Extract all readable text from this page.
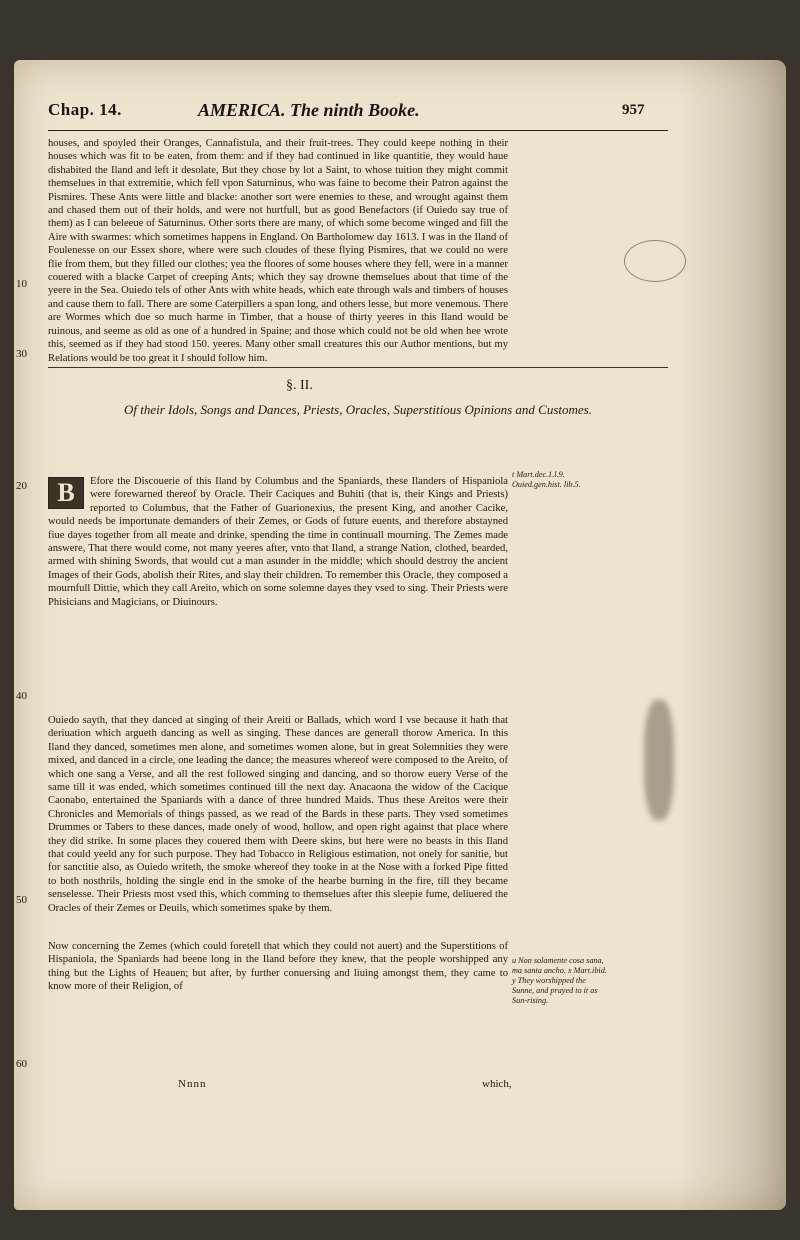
Chap. 14.	AMERICA. The ninth Booke.	957

houses, and spoyled their Oranges, Cannafistula, and their fruit-trees. They could keepe nothing in their houses which was fit to be eaten, from them: and if they had continued in like quantitie, they would haue dishabited the Iland and left it desolate, But they chose by lot a Saint, to whose tuition they might commit themselues in that extremitie, which fell vpon Saturninus, who was faine to become their Patron against the Pismires. These Ants were little and blacke: another sort were enemies to these, and wrought against them and chased them out of their holds, and were not hurtfull, but as good Benefactors (if Ouiedo say true of them) as I can beleeue of Saturninus. Other sorts there are many, of which some become winged and fill the Aire with swarmes: which sometimes happens in England. On Bartholomew day 1613. I was in the Iland of Foulenesse on our Essex shore, where were such cloudes of these flying Pismires, that we could no were flie from them, but they filled our clothes; yea the floores of some houses where they fell, were in a manner couered with a blacke Carpet of creeping Ants; which they say drowne themselues about that time of the yeere in the Sea. Ouiedo tels of other Ants with white heads, which eate through wals and timbers of houses and cause them to fall. There are some Caterpillers a span long, and others lesse, but more venemous. There are Wormes which doe so much harme in Timber, that a house of thirty yeeres in this Iland would be ruinous, and seeme as old as one of a hundred in Spaine; and those which could not be old when hee wrote this, seemed as if they had stood 150. yeeres. Many other small creatures this our Author mentions, but my Relations would be too great it I should follow him.

§. II.
Of their Idols, Songs and Dances, Priests, Oracles, Superstitious Opinions and Customes.

B	Efore the Discouerie of this Iland by Columbus and the Spaniards, these Ilanders of Hispaniola were forewarned thereof by Oracle. Their Caciques and Buhiti (that is, their Kings and Priests) reported to Columbus, that the Father of Guarionexius, the present King, and another Cacike, would needs be importunate demanders of their Zemes, or Gods of future euents, and therefore abstayned fiue dayes together from all meate and drinke, spending the time in continuall mourning. The Zemes made answere, That there would come, not many yeeres after, vnto that Iland, a strange Nation, clothed, bearded, armed with shining Swords, that would cut a man asunder in the middle; which should destroy the ancient Images of their Gods, abolish their Rites, and slay their children. To remember this Oracle, they composed a mournfull Dittie, which they call Areito, which on some solemne dayes they vsed to sing. Their Priests were Phisicians and Magicians, or Diuinours.

Ouiedo sayth, that they danced at singing of their Areiti or Ballads, which word I vse because it hath that deriuation which argueth dancing as well as singing. These dances are generall thorow America. In this Iland they danced, sometimes men alone, and sometimes women alone, but in great Solemnities they were mixed, and danced in a circle, one leading the dance; the measures whereof were composed to the Areito, of which one sang a Verse, and all the rest followed singing and dancing, and so thorow euery Verse of the same till it was ended, which sometimes continued till the next day. Anacaona the widow of the Cacique Caonabo, entertained the Spaniards with a dance of three hundred Maids. Thus these Areitos were their Chronicles and Memorials of things passed, as we read of the Bards in these parts. They vsed sometimes Drummes or Tabers to these dances, made onely of wood, hollow, and open right against that place where they did strike. In some places they couered them with Deere skins, but here were no beasts in this Iland that could yeeld any for such purpose. They had Tobacco in Religious estimation, not onely for sanitie, but for sanctitie also, as Ouiedo writeth, the smoke whereof they tooke in at the Nose with a forked Pipe fitted to both nosthrils, holding the single end in the smoke of the hearbe burning in the fire, till they became senselesse. Their Priests most vsed this, which comming to themselues after this sleepie fume, deliuered the Oracles of their Zemes or Deuils, which sometimes spake by them.

Now concerning the Zemes (which could foretell that which they could not auert) and the Superstitions of Hispaniola, the Spaniards had beene long in the Iland before they knew, that the people worshipped any thing but the Lights of Heauen; but after, by further conuersing and liuing amongst them, they came to know more of their Religion, of

10
20
30
40
50
60
t Mart.dec.1.l.9. Ouied.gen.hist. lib.5.
u Non solamente cosa sana, ma santa ancho. x Mart.ibid. y They worshipped the Sunne, and prayed to it as Sun-rising.
Nnnn	which,
